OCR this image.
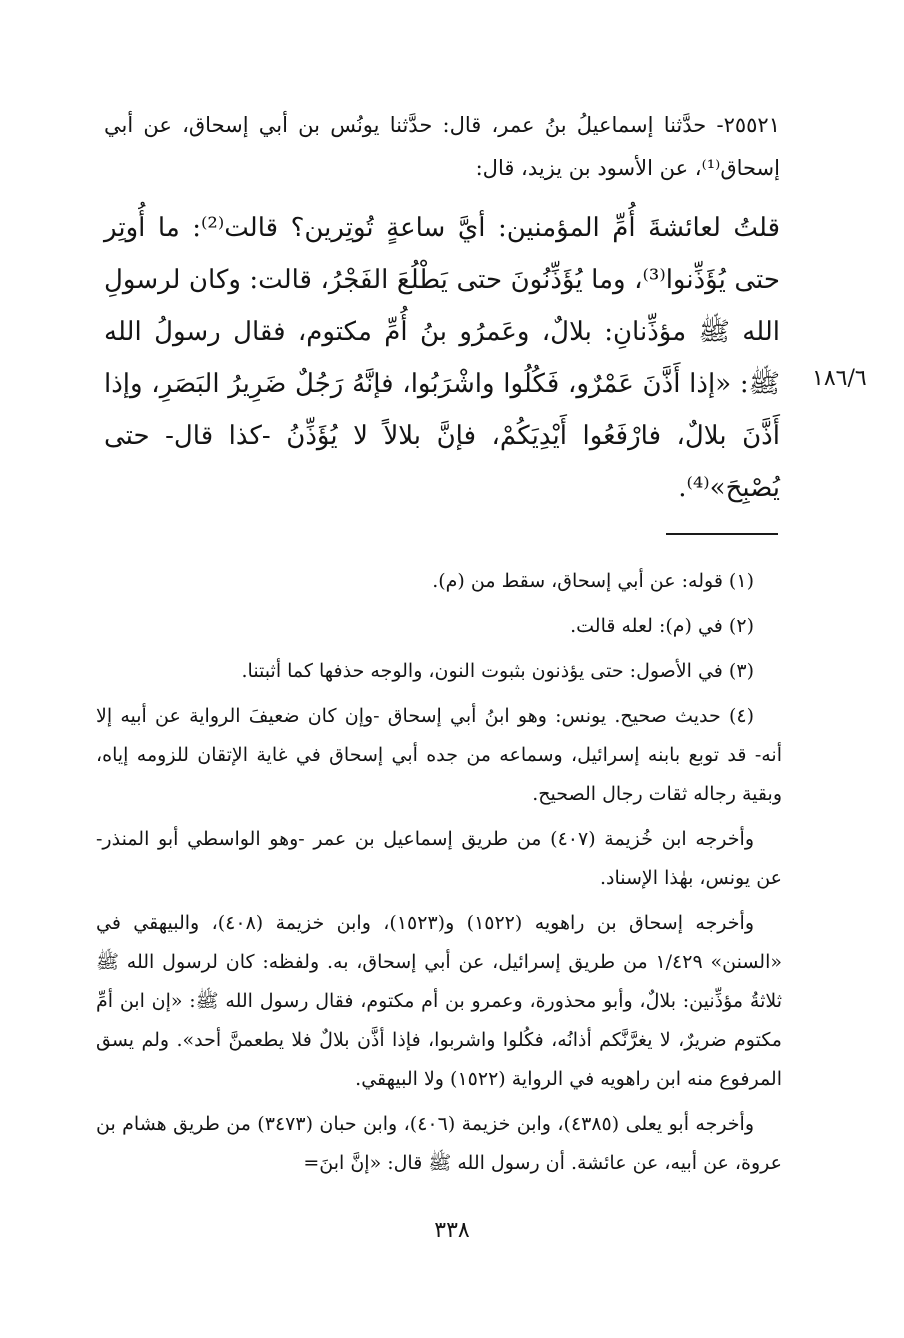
٢٥٥٢١- حدَّثنا إسماعيلُ بنُ عمر، قال: حدَّثنا يونُس بن أبي إسحاق، عن أبي إسحاق⁽¹⁾، عن الأسود بن يزيد، قال:
قلتُ لعائشةَ أُمِّ المؤمنين: أيَّ ساعةٍ تُوتِرين؟ قالت⁽²⁾: ما أُوتِر حتى يُؤَذِّنوا⁽³⁾، وما يُؤَذِّنُونَ حتى يَطْلُعَ الفَجْرُ، قالت: وكان لرسولِ الله ﷺ مؤذِّنانِ: بلالٌ، وعَمرُو بنُ أُمِّ مكتوم، فقال رسولُ الله ﷺ: «إذا أَذَّنَ عَمْرٌو، فَكُلُوا واشْرَبُوا، فإنَّهُ رَجُلٌ ضَرِيرُ البَصَرِ، وإذا أَذَّنَ بلالٌ، فارْفَعُوا أَيْدِيَكُمْ، فإنَّ بلالاً لا يُؤَذِّنُ -كذا قال- حتى يُصْبِحَ»⁽⁴⁾.
١٨٦/٦

(١) قوله: عن أبي إسحاق، سقط من (م).

(٢) في (م): لعله قالت.

(٣) في الأصول: حتى يؤذنون بثبوت النون، والوجه حذفها كما أثبتنا.

(٤) حديث صحيح. يونس: وهو ابنُ أبي إسحاق -وإن كان ضعيفَ الرواية عن أبيه إلا أنه- قد توبع بابنه إسرائيل، وسماعه من جده أبي إسحاق في غاية الإتقان للزومه إياه، وبقية رجاله ثقات رجال الصحيح.

وأخرجه ابن خُزيمة (٤٠٧) من طريق إسماعيل بن عمر -وهو الواسطي أبو المنذر- عن يونس، بهٰذا الإسناد.

وأخرجه إسحاق بن راهويه (١٥٢٢) و(١٥٢٣)، وابن خزيمة (٤٠٨)، والبيهقي في «السنن» ١/٤٢٩ من طريق إسرائيل، عن أبي إسحاق، به. ولفظه: كان لرسول الله ﷺ ثلاثةُ مؤذِّنين: بلالٌ، وأبو محذورة، وعمرو بن أم مكتوم، فقال رسول الله ﷺ: «إن ابن أمِّ مكتوم ضريرٌ، لا يغرَّنَّكم أذانُه، فكُلوا واشربوا، فإذا أذَّن بلالٌ فلا يطعمنَّ أحد». ولم يسق المرفوع منه ابن راهويه في الرواية (١٥٢٢) ولا البيهقي.

وأخرجه أبو يعلى (٤٣٨٥)، وابن خزيمة (٤٠٦)، وابن حبان (٣٤٧٣) من طريق هشام بن عروة، عن أبيه، عن عائشة. أن رسول الله ﷺ قال: «إنَّ ابنَ=

٣٣٨
